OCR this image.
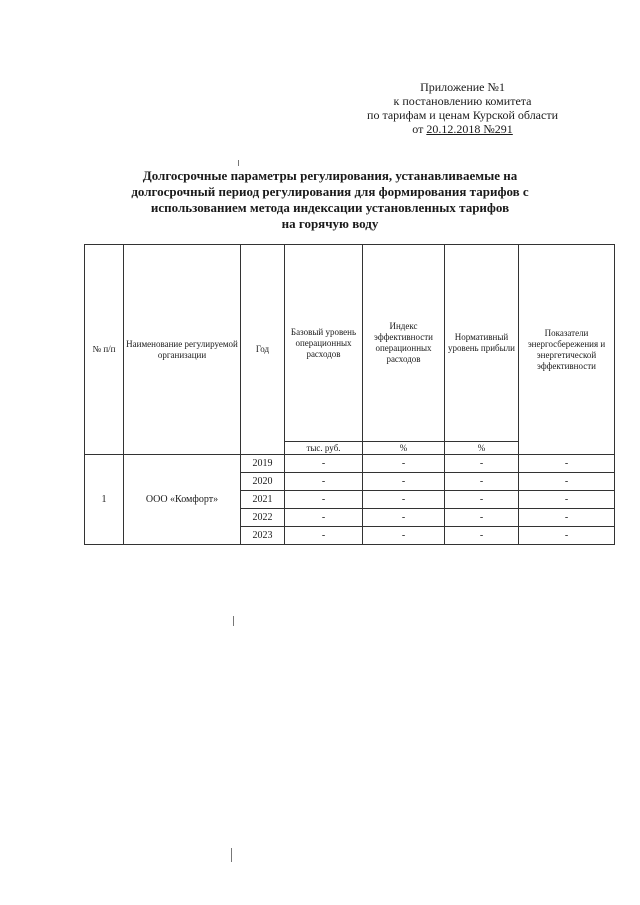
Приложение №1
к постановлению комитета
по тарифам и ценам Курской области
от 20.12.2018 №291
Долгосрочные параметры регулирования, устанавливаемые на
долгосрочный период регулирования для формирования тарифов с
использованием метода индексации установленных тарифов
на горячую воду
№ п/п	Наименование регулируемой организации	Год	Базовый уровень операционных расходов	Индекс эффективности операционных расходов	Нормативный уровень прибыли	Показатели энергосбережения и энергетической эффективности
			тыс. руб.	%	%	
1	ООО «Комфорт»	2019	-	-	-	-
		2020	-	-	-	-
		2021	-	-	-	-
		2022	-	-	-	-
		2023	-	-	-	-
